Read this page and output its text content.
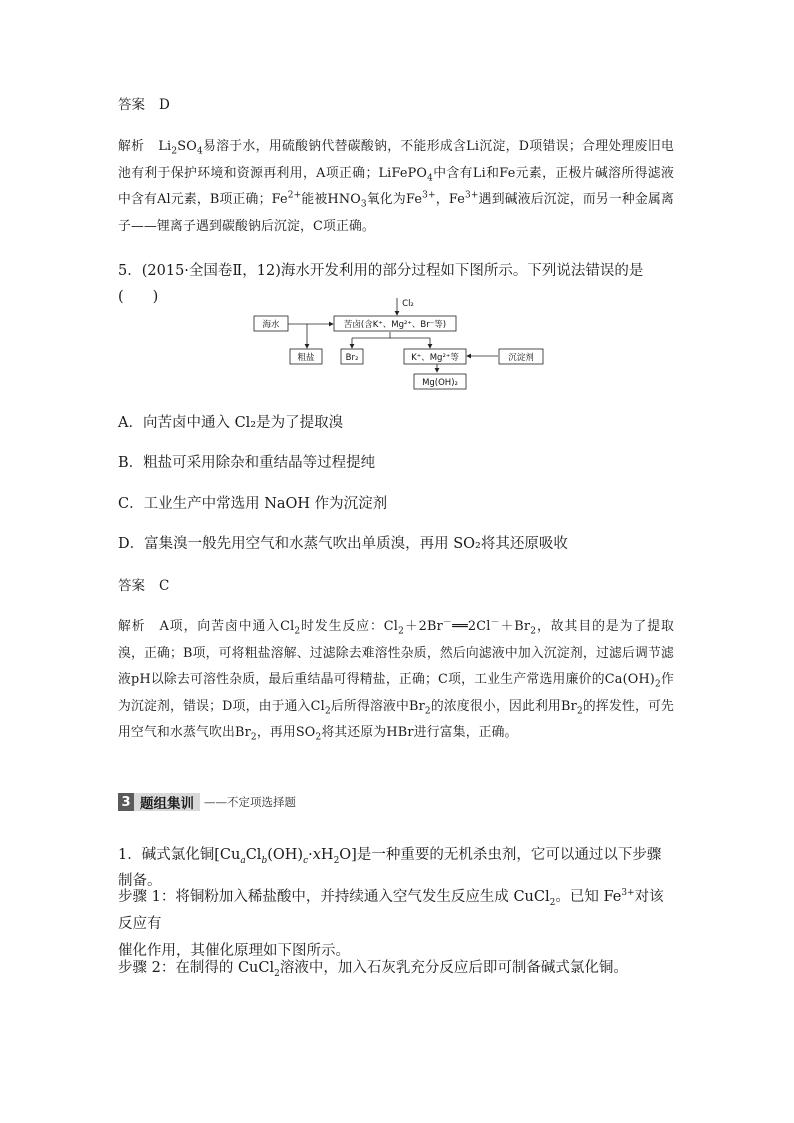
答案 D
解析 $Li_2SO_4$易溶于水，用硫酸钠代替碳酸钠，不能形成含Li沉淀，D项错误；合理处理废旧电池有利于保护环境和资源再利用，A项正确；LiFePO$_4$中含有Li和Fe元素，正极片碱溶所得滤液中含有Al元素，B项正确；$Fe^{2+}$能被$HNO_3$氧化为$Fe^{3+}$，$Fe^{3+}$遇到碱液后沉淀，而另一种金属离子——锂离子遇到碳酸钠后沉淀，C项正确。
5．(2015·全国卷Ⅱ，12)海水开发利用的部分过程如下图所示。下列说法错误的是(　　)	Cl₂
海水	苦卤(含K⁺、Mg²⁺、Br⁻等)
粗盐	Br₂	K⁺、Mg²⁺等	沉淀剂
Mg(OH)₂
A．向苦卤中通入 Cl₂是为了提取溴
B．粗盐可采用除杂和重结晶等过程提纯
C．工业生产中常选用 NaOH 作为沉淀剂
D．富集溴一般先用空气和水蒸气吹出单质溴，再用 SO₂将其还原吸收
答案 C
解析 A项，向苦卤中通入$Cl_2$时发生反应：$Cl_2+2Br^-══2Cl^-+Br_2$，故其目的是为了提取溴，正确；B项，可将粗盐溶解、过滤除去难溶性杂质，然后向滤液中加入沉淀剂，过滤后调节滤液pH以除去可溶性杂质，最后重结晶可得精盐，正确；C项，工业生产常选用廉价的$Ca(OH)_2$作为沉淀剂，错误；D项，由于通入$Cl_2$后所得溶液中$Br_2$的浓度很小，因此利用$Br_2$的挥发性，可先用空气和水蒸气吹出$Br_2$，再用$SO_2$将其还原为HBr进行富集，正确。
3 题组集训 ——不定项选择题
1．碱式氯化铜$[Cu_aCl_b(OH)_c\cdot xH_2O]$是一种重要的无机杀虫剂，它可以通过以下步骤制备。
步骤 1：将铜粉加入稀盐酸中，并持续通入空气发生反应生成 CuCl$_2$。已知 $Fe^{3+}$对该反应有
催化作用，其催化原理如下图所示。
步骤 2：在制得的 CuCl$_2$溶液中，加入石灰乳充分反应后即可制备碱式氯化铜。
